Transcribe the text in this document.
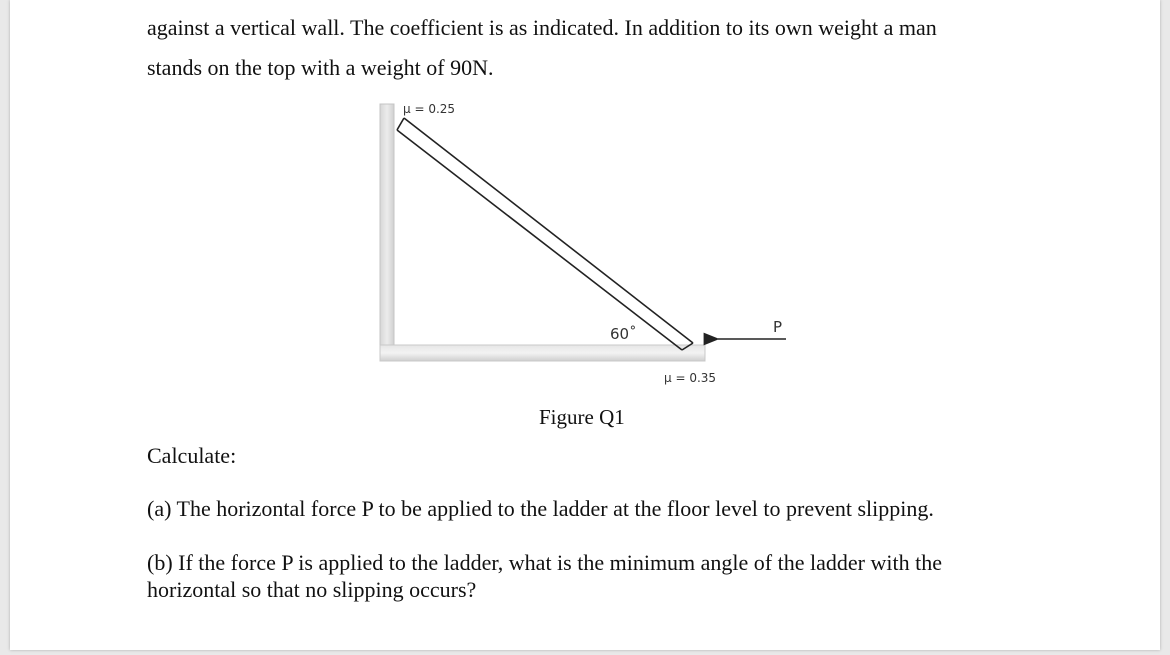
against a vertical wall. The coefficient is as indicated. In addition to its own weight a man
stands on the top with a weight of 90N.
μ = 0.25
μ = 0.35
60˚	P
Figure Q1
Calculate:
(a) The horizontal force P to be applied to the ladder at the floor level to prevent slipping.
(b) If the force P is applied to the ladder, what is the minimum angle of the ladder with the
horizontal so that no slipping occurs?
